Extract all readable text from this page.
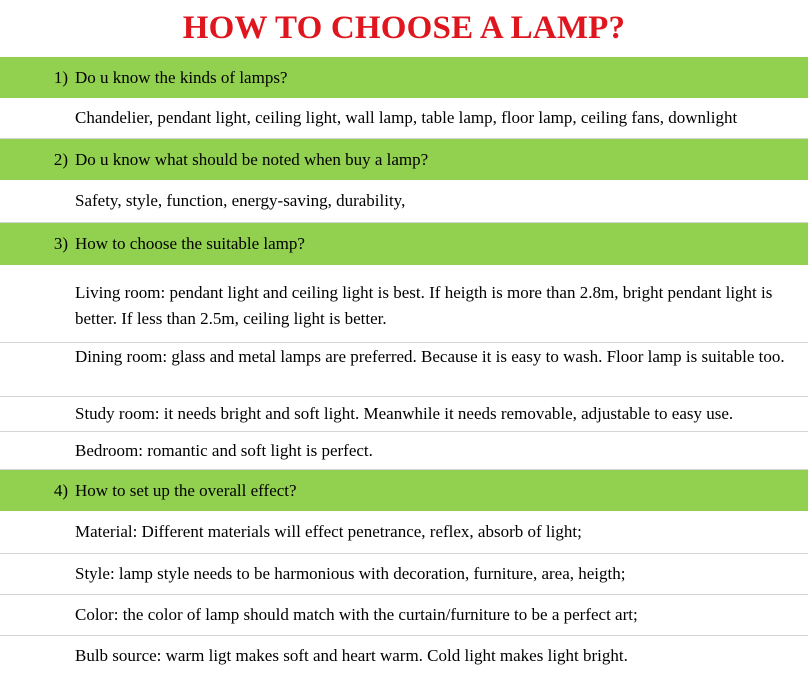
HOW TO CHOOSE A LAMP?
1) Do u know the kinds of lamps?
Chandelier, pendant light, ceiling light, wall lamp, table lamp, floor lamp, ceiling fans, downlight
2) Do u know what should be noted when buy a lamp?
Safety, style, function, energy-saving, durability,
3) How to choose the suitable lamp?
Living room: pendant light and ceiling light is best. If heigth is more than 2.8m, bright pendant light is better. If less than 2.5m, ceiling light is better.
Dining room: glass and metal lamps are preferred. Because it is easy to wash. Floor lamp is suitable too.
Study room: it needs bright and soft light. Meanwhile it needs removable, adjustable to easy use.
Bedroom: romantic and soft light is perfect.
4) How to set up the overall effect?
Material: Different materials will effect penetrance, reflex, absorb of light;
Style: lamp style needs to be harmonious with decoration, furniture, area, heigth;
Color: the color of lamp should match with the curtain/furniture to be a perfect art;
Bulb source: warm ligt makes soft and heart warm. Cold light makes light bright.
